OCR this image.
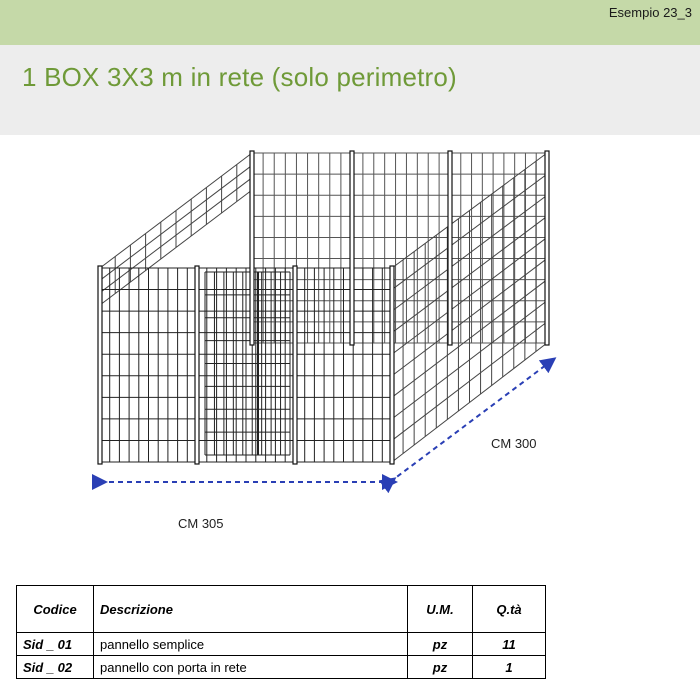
Esempio 23_3
1 BOX 3X3 m in rete (solo perimetro)
CM 300
CM 305
Codice	Descrizione	U.M.	Q.tà
Sid _ 01	pannello semplice	pz	11
Sid _ 02	pannello con porta in rete	pz	1
